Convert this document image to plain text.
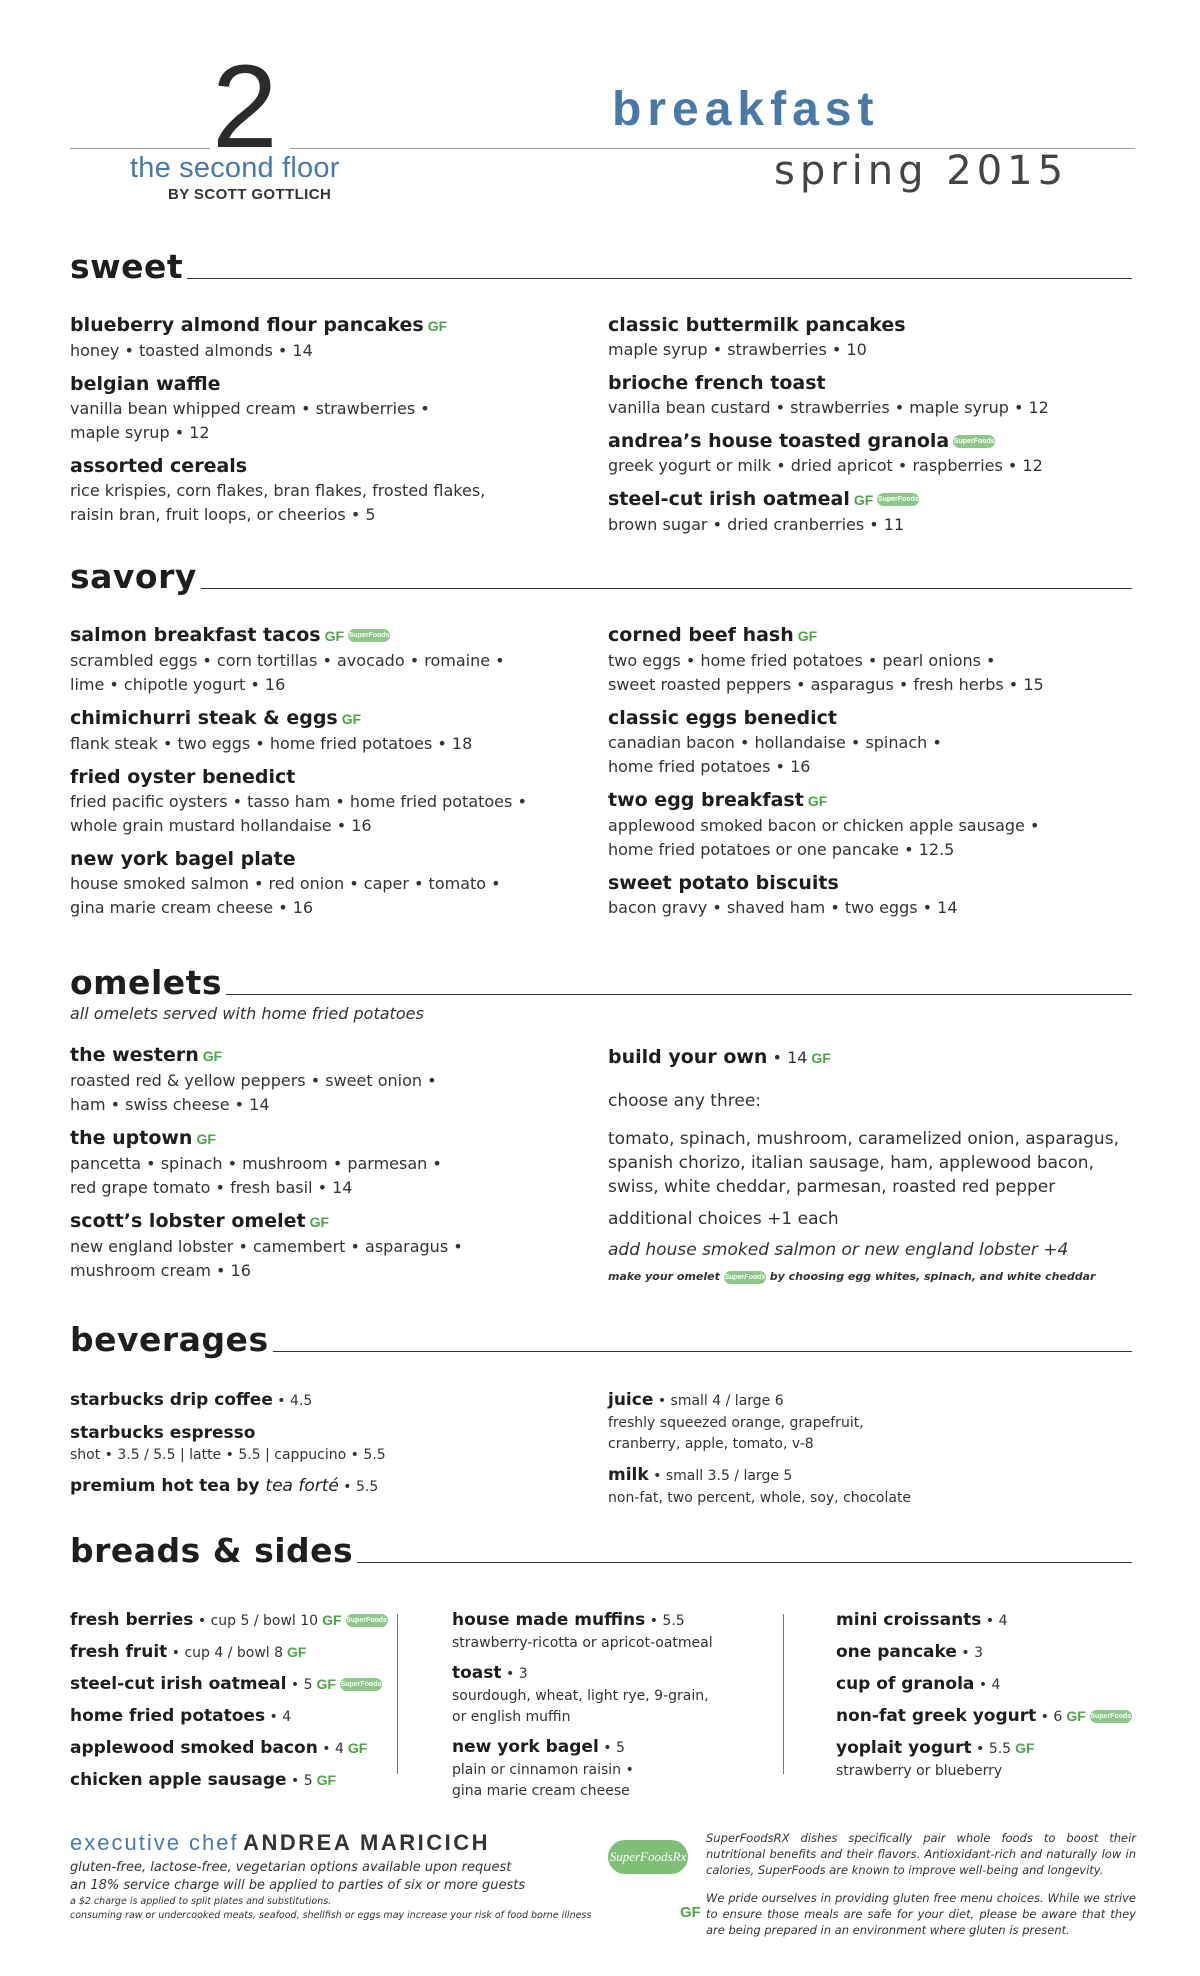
2
the second floor
BY SCOTT GOTTLICH
breakfast
spring 2015
sweet
blueberry almond flour pancakes GF
honey • toasted almonds • 14
belgian waffle
vanilla bean whipped cream • strawberries •
maple syrup • 12
assorted cereals
rice krispies, corn flakes, bran flakes, frosted flakes,
raisin bran, fruit loops, or cheerios • 5
classic buttermilk pancakes
maple syrup • strawberries • 10
brioche french toast
vanilla bean custard • strawberries • maple syrup • 12
andrea’s house toasted granola SuperFoods
greek yogurt or milk • dried apricot • raspberries • 12
steel-cut irish oatmeal GF SuperFoods
brown sugar • dried cranberries • 11
savory
salmon breakfast tacos GF SuperFoods
scrambled eggs • corn tortillas • avocado • romaine •
lime • chipotle yogurt • 16
chimichurri steak & eggs GF
flank steak • two eggs • home fried potatoes • 18
fried oyster benedict
fried pacific oysters • tasso ham • home fried potatoes •
whole grain mustard hollandaise • 16
new york bagel plate
house smoked salmon • red onion • caper • tomato •
gina marie cream cheese • 16
corned beef hash GF
two eggs • home fried potatoes • pearl onions •
sweet roasted peppers • asparagus • fresh herbs • 15
classic eggs benedict
canadian bacon • hollandaise • spinach •
home fried potatoes • 16
two egg breakfast GF
applewood smoked bacon or chicken apple sausage •
home fried potatoes or one pancake • 12.5
sweet potato biscuits
bacon gravy • shaved ham • two eggs • 14
omelets
all omelets served with home fried potatoes
the western GF
roasted red & yellow peppers • sweet onion •
ham • swiss cheese • 14
the uptown GF
pancetta • spinach • mushroom • parmesan •
red grape tomato • fresh basil • 14
scott’s lobster omelet GF
new england lobster • camembert • asparagus •
mushroom cream • 16
build your own • 14 GF
choose any three:
tomato, spinach, mushroom, caramelized onion, asparagus,
spanish chorizo, italian sausage, ham, applewood bacon,
swiss, white cheddar, parmesan, roasted red pepper
additional choices +1 each
add house smoked salmon or new england lobster +4
make your omelet SuperFoods by choosing egg whites, spinach, and white cheddar
beverages
starbucks drip coffee • 4.5
starbucks espresso
shot • 3.5 / 5.5 | latte • 5.5 | cappucino • 5.5
premium hot tea by tea forté • 5.5
juice • small 4 / large 6
freshly squeezed orange, grapefruit,
cranberry, apple, tomato, v-8
milk • small 3.5 / large 5
non-fat, two percent, whole, soy, chocolate
breads & sides
fresh berries • cup 5 / bowl 10 GF SuperFoods
fresh fruit • cup 4 / bowl 8 GF
steel-cut irish oatmeal • 5 GF SuperFoods
home fried potatoes • 4
applewood smoked bacon • 4 GF
chicken apple sausage • 5 GF
house made muffins • 5.5
strawberry-ricotta or apricot-oatmeal
toast • 3
sourdough, wheat, light rye, 9-grain,
or english muffin
new york bagel • 5
plain or cinnamon raisin •
gina marie cream cheese
mini croissants • 4
one pancake • 3
cup of granola • 4
non-fat greek yogurt • 6 GF SuperFoods
yoplait yogurt • 5.5 GF
strawberry or blueberry
executive chef ANDREA MARICICH
gluten-free, lactose-free, vegetarian options available upon request
an 18% service charge will be applied to parties of six or more guests
a $2 charge is applied to split plates and substitutions.
consuming raw or undercooked meats, seafood, shellfish or eggs may increase your risk of food borne illness
SuperFoodsRx
SuperFoodsRX dishes specifically pair whole foods to boost their nutritional benefits and their flavors. Antioxidant-rich and naturally low in calories, SuperFoods are known to improve well-being and longevity.
We pride ourselves in providing gluten free menu choices. While we strive to ensure those meals are safe for your diet, please be aware that they are being prepared in an environment where gluten is present.
GF
